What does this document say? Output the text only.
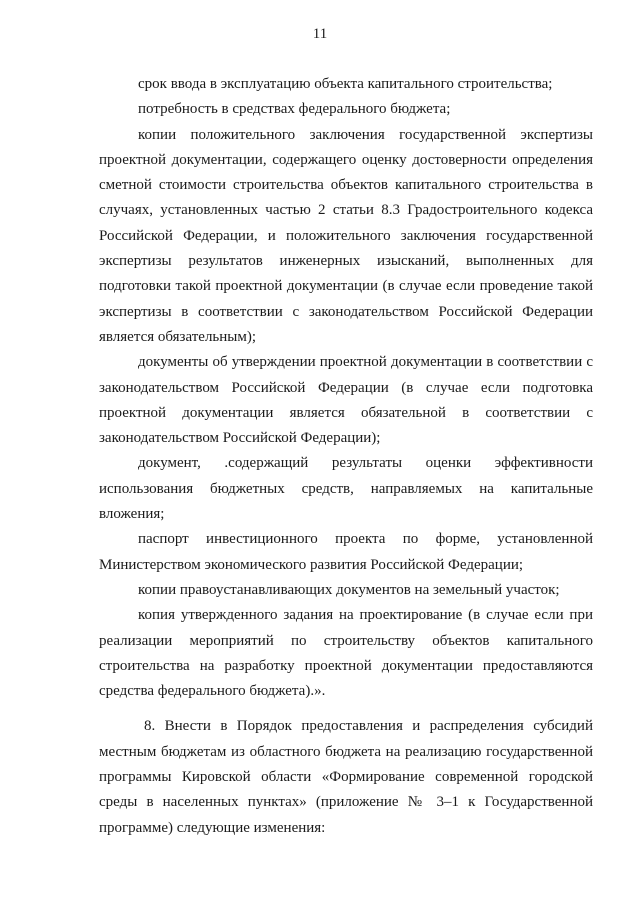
11

срок ввода в эксплуатацию объекта капитального строительства;

потребность в средствах федерального бюджета;

копии положительного заключения государственной экспертизы проектной документации, содержащего оценку достоверности определения сметной стоимости строительства объектов капитального строительства в случаях, установленных частью 2 статьи 8.3 Градостроительного кодекса Российской Федерации, и положительного заключения государственной экспертизы результатов инженерных изысканий, выполненных для подготовки такой проектной документации (в случае если проведение такой экспертизы в соответствии с законодательством Российской Федерации является обязательным);

документы об утверждении проектной документации в соответствии с законодательством Российской Федерации (в случае если подготовка проектной документации является обязательной в соответствии с законодательством Российской Федерации);

документ, .содержащий результаты оценки эффективности использования бюджетных средств, направляемых на капитальные вложения;

паспорт инвестиционного проекта по форме, установленной Министерством экономического развития Российской Федерации;

копии правоустанавливающих документов на земельный участок;

копия утвержденного задания на проектирование (в случае если при реализации мероприятий по строительству объектов капитального строительства на разработку проектной документации предоставляются средства федерального бюджета).».

8. Внести в Порядок предоставления и распределения субсидий местным бюджетам из областного бюджета на реализацию государственной программы Кировской области «Формирование современной городской среды в населенных пунктах» (приложение № 3–1 к Государственной программе) следующие изменения:
